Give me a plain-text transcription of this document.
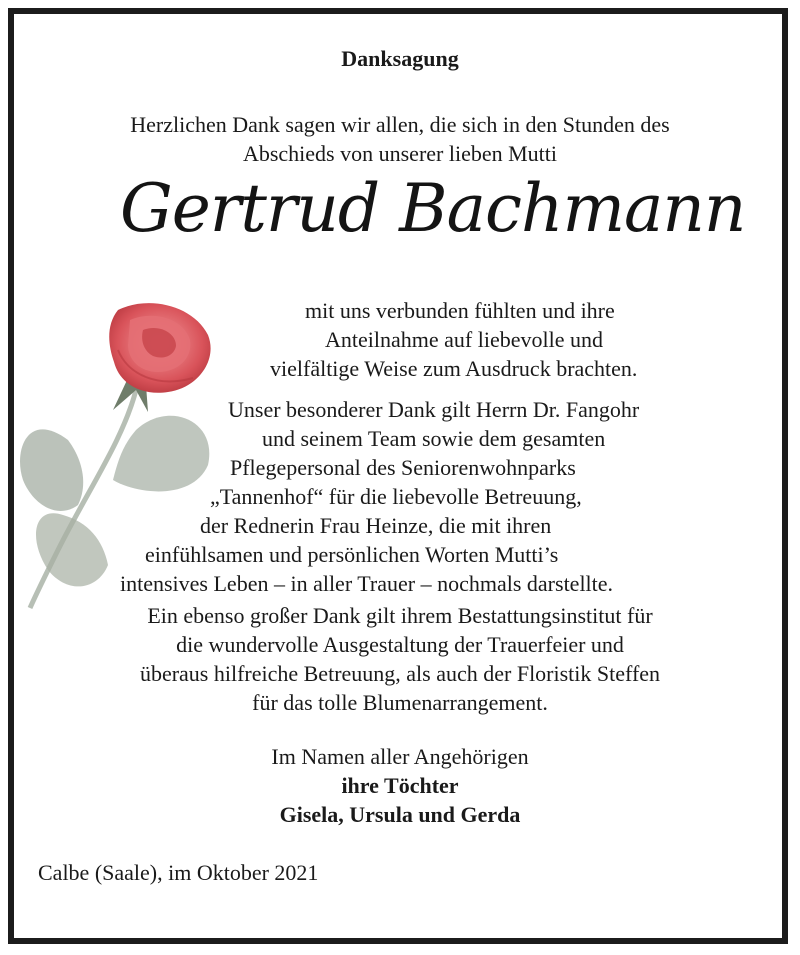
Danksagung
Herzlichen Dank sagen wir allen, die sich in den Stunden des
Abschieds von unserer lieben Mutti
Gertrud Bachmann
mit uns verbunden fühlten und ihre
Anteilnahme auf liebevolle und
vielfältige Weise zum Ausdruck brachten.
Unser besonderer Dank gilt Herrn Dr. Fangohr
und seinem Team sowie dem gesamten
Pflegepersonal des Seniorenwohnparks
„Tannenhof“ für die liebevolle Betreuung,
der Rednerin Frau Heinze, die mit ihren
einfühlsamen und persönlichen Worten Mutti’s
intensives Leben – in aller Trauer – nochmals darstellte.
Ein ebenso großer Dank gilt ihrem Bestattungsinstitut für
die wundervolle Ausgestaltung der Trauerfeier und
überaus hilfreiche Betreuung, als auch der Floristik Steffen
für das tolle Blumenarrangement.
Im Namen aller Angehörigen
ihre Töchter
Gisela, Ursula und Gerda
Calbe (Saale), im Oktober 2021
